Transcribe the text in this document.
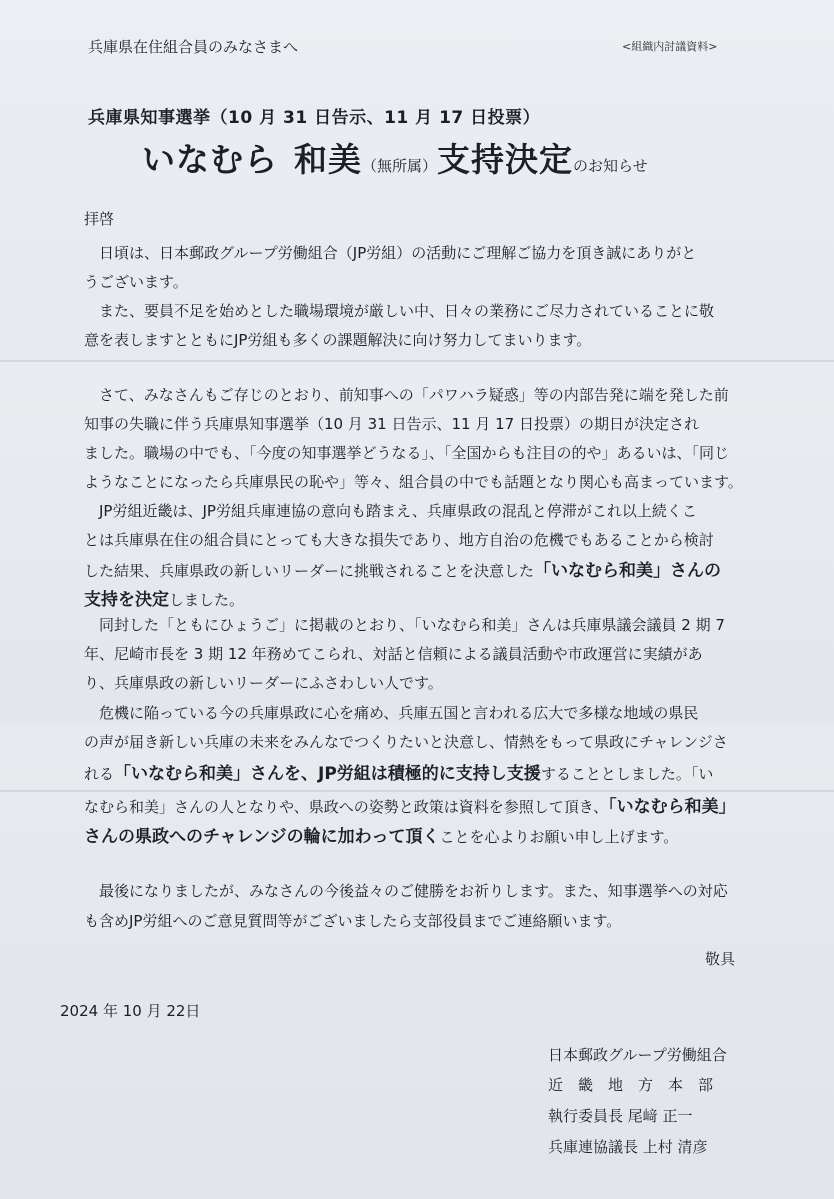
兵庫県在住組合員のみなさまへ	<組織内討議資料>
兵庫県知事選挙（10 月 31 日告示、11 月 17 日投票）
いなむら 和美（無所属）支持決定のお知らせ
拝啓
　日頃は、日本郵政グループ労働組合（JP労組）の活動にご理解ご協力を頂き誠にありがと
うございます。
　また、要員不足を始めとした職場環境が厳しい中、日々の業務にご尽力されていることに敬
意を表しますとともにJP労組も多くの課題解決に向け努力してまいります。
　さて、みなさんもご存じのとおり、前知事への「パワハラ疑惑」等の内部告発に端を発した前
知事の失職に伴う兵庫県知事選挙（10 月 31 日告示、11 月 17 日投票）の期日が決定され
ました。職場の中でも、「今度の知事選挙どうなる」、「全国からも注目の的や」あるいは、「同じ
ようなことになったら兵庫県民の恥や」等々、組合員の中でも話題となり関心も高まっています。
　JP労組近畿は、JP労組兵庫連協の意向も踏まえ、兵庫県政の混乱と停滞がこれ以上続くこ
とは兵庫県在住の組合員にとっても大きな損失であり、地方自治の危機でもあることから検討
した結果、兵庫県政の新しいリーダーに挑戦されることを決意した「いなむら和美」さんの
支持を決定しました。
　同封した「ともにひょうご」に掲載のとおり、「いなむら和美」さんは兵庫県議会議員 2 期 7
年、尼崎市長を 3 期 12 年務めてこられ、対話と信頼による議員活動や市政運営に実績があ
り、兵庫県政の新しいリーダーにふさわしい人です。
　危機に陥っている今の兵庫県政に心を痛め、兵庫五国と言われる広大で多様な地域の県民
の声が届き新しい兵庫の未来をみんなでつくりたいと決意し、情熱をもって県政にチャレンジさ
れる「いなむら和美」さんを、JP労組は積極的に支持し支援することとしました。「い
なむら和美」さんの人となりや、県政への姿勢と政策は資料を参照して頂き、「いなむら和美」
さんの県政へのチャレンジの輪に加わって頂くことを心よりお願い申し上げます。
　最後になりましたが、みなさんの今後益々のご健勝をお祈りします。また、知事選挙への対応
も含めJP労組へのご意見質問等がございましたら支部役員までご連絡願います。
敬具
2024 年 10 月 22日
日本郵政グループ労働組合
近　畿　地　方　本　部
執行委員長 尾﨑 正一
兵庫連協議長 上村 清彦
